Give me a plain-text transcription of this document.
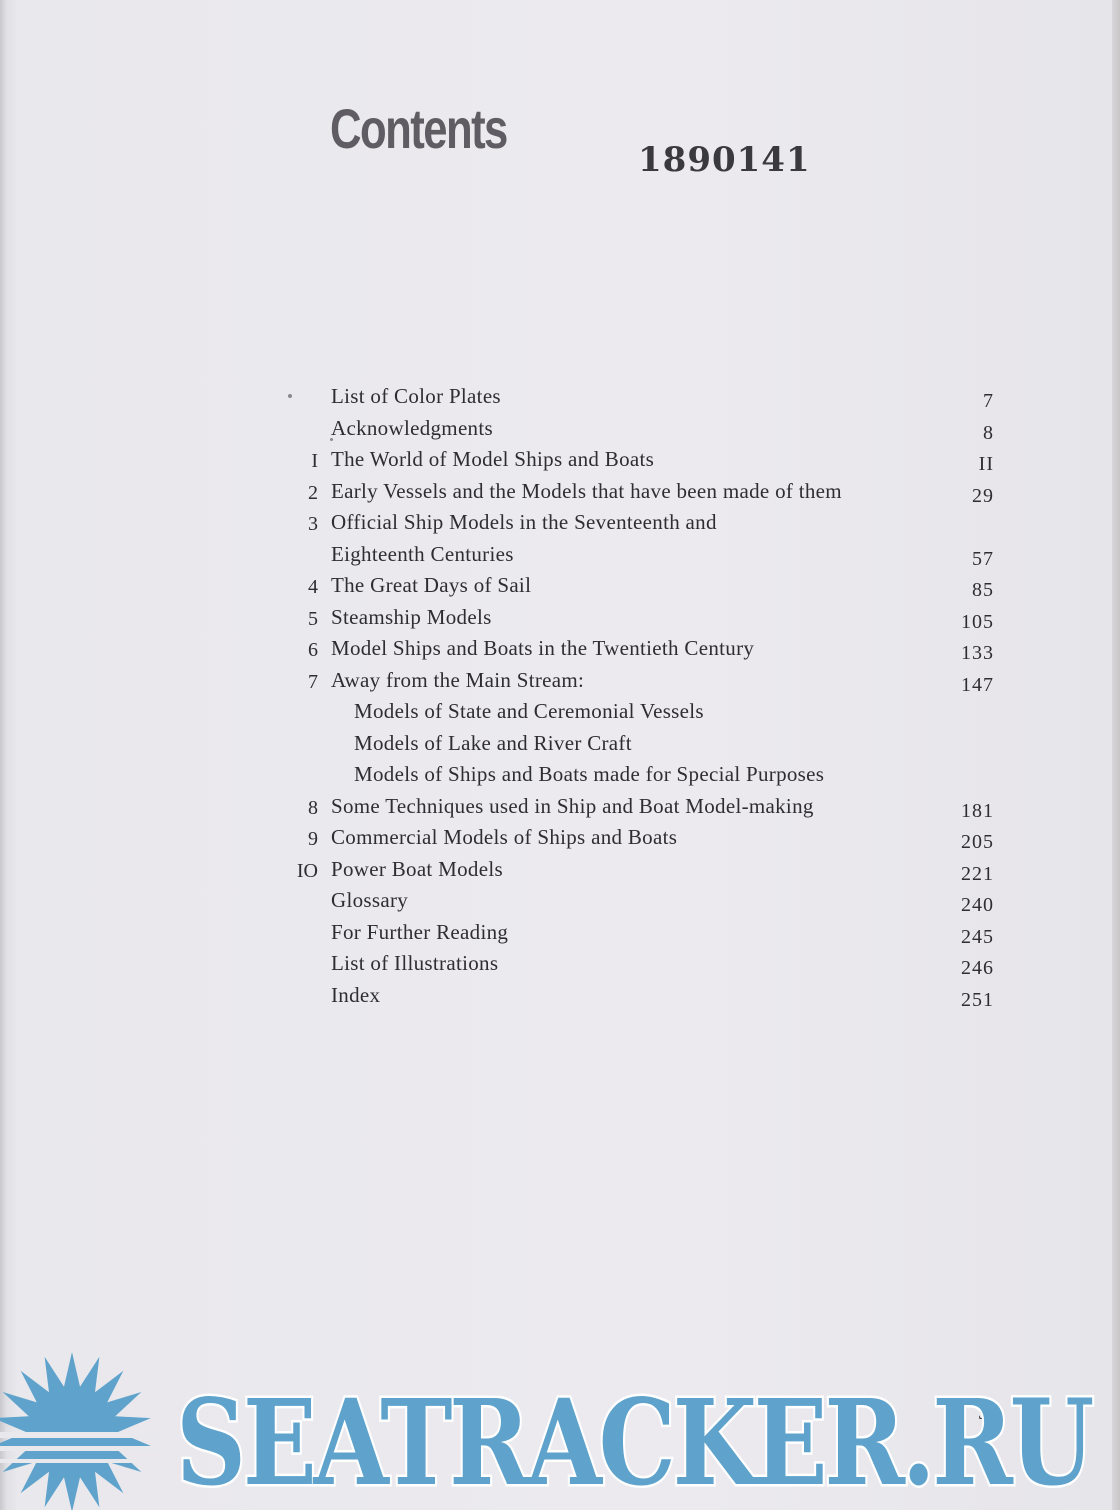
Contents	1890141
List of Color Plates	7
Acknowledgments	8
I The World of Model Ships and Boats	II
2 Early Vessels and the Models that have been made of them	29
3 Official Ship Models in the Seventeenth and
Eighteenth Centuries	57
4 The Great Days of Sail	85
5 Steamship Models	105
6 Model Ships and Boats in the Twentieth Century	133
7 Away from the Main Stream:	147
Models of State and Ceremonial Vessels
Models of Lake and River Craft
Models of Ships and Boats made for Special Purposes
8 Some Techniques used in Ship and Boat Model-making	181
9 Commercial Models of Ships and Boats	205
IO Power Boat Models	221
Glossary	240
For Further Reading	245
List of Illustrations	246
Index	251
5
SEATRACKER.RU
